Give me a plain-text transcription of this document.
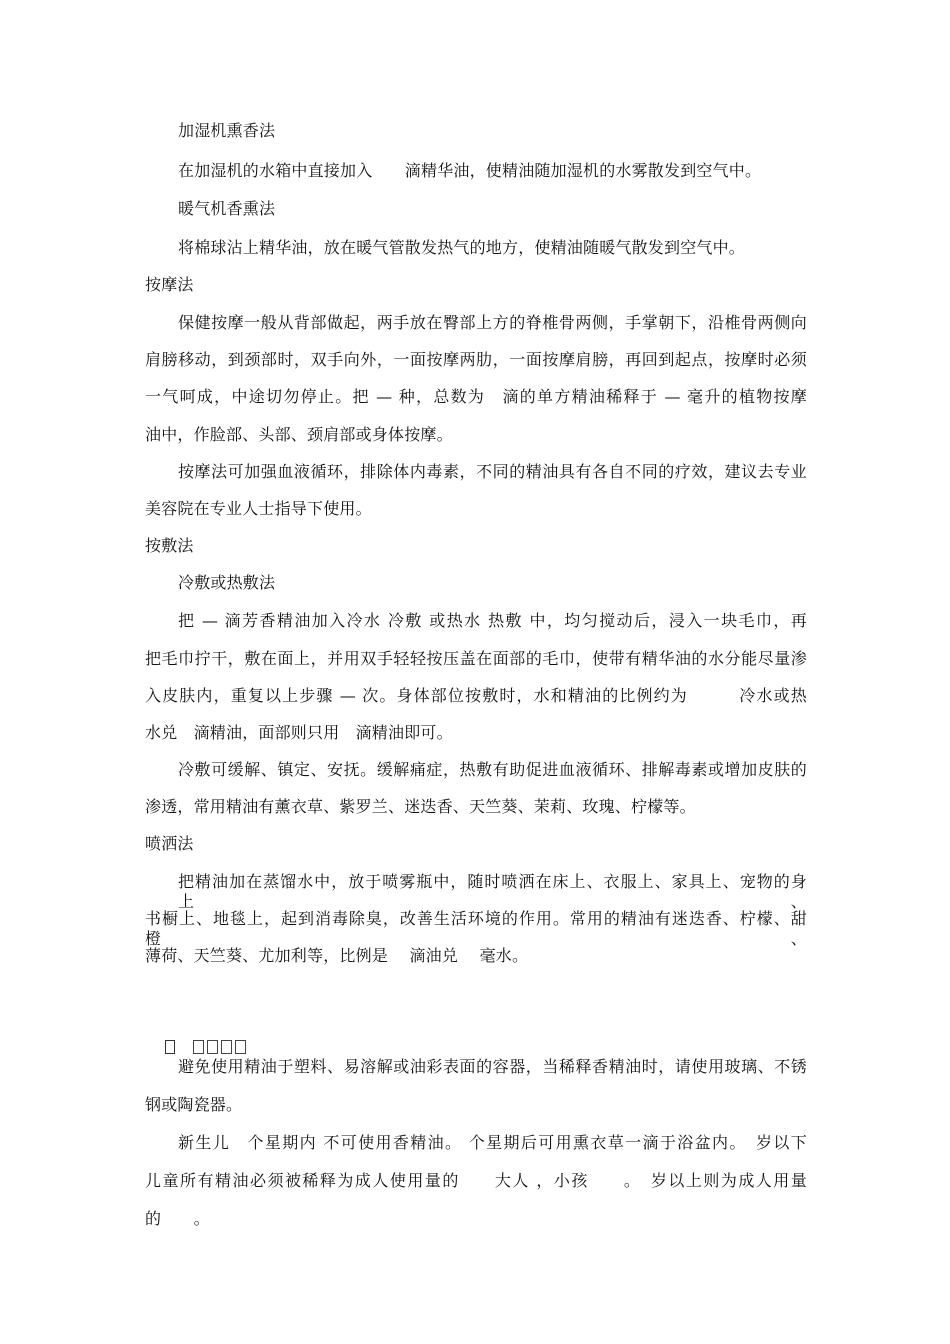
加湿机熏香法
在加湿机的水箱中直接加入　　滴精华油，使精油随加湿机的水雾散发到空气中。
暖气机香熏法
将棉球沾上精华油，放在暖气管散发热气的地方，使精油随暖气散发到空气中。
按摩法
保健按摩一般从背部做起，两手放在臀部上方的脊椎骨两侧，手掌朝下，沿椎骨两侧向
肩膀移动，到颈部时，双手向外，一面按摩两肋，一面按摩肩膀，再回到起点，按摩时必须
一气呵成，中途切勿停止。把 — 种，总数为　滴的单方精油稀释于 — 毫升的植物按摩
油中，作脸部、头部、颈肩部或身体按摩。
按摩法可加强血液循环，排除体内毒素，不同的精油具有各自不同的疗效，建议去专业
美容院在专业人士指导下使用。
按敷法
冷敷或热敷法
把 — 滴芳香精油加入冷水 冷敷 或热水 热敷 中，均匀搅动后，浸入一块毛巾，再
把毛巾拧干，敷在面上，并用双手轻轻按压盖在面部的毛巾，使带有精华油的水分能尽量渗
入皮肤内，重复以上步骤 — 次。身体部位按敷时，水和精油的比例约为　　　冷水或热
水兑　滴精油，面部则只用　滴精油即可。
冷敷可缓解、镇定、安抚。缓解痛症，热敷有助促进血液循环、排解毒素或增加皮肤的
渗透，常用精油有薰衣草、紫罗兰、迷迭香、天竺葵、茉莉、玫瑰、柠檬等。
喷洒法
把精油加在蒸馏水中，放于喷雾瓶中，随时喷洒在床上、衣服上、家具上、宠物的身上、
书橱上、地毯上，起到消毒除臭，改善生活环境的作用。常用的精油有迷迭香、柠檬、甜橙、
薄荷、天竺葵、尤加利等，比例是　 滴油兑　 毫水。

避免使用精油于塑料、易溶解或油彩表面的容器，当稀释香精油时，请使用玻璃、不锈
钢或陶瓷器。
新生儿　个星期内 不可使用香精油。 个星期后可用熏衣草一滴于浴盆内。　岁以下
儿童所有精油必须被稀释为成人使用量的　　大人 ，小孩　　。　岁以上则为成人用量
的　　。
